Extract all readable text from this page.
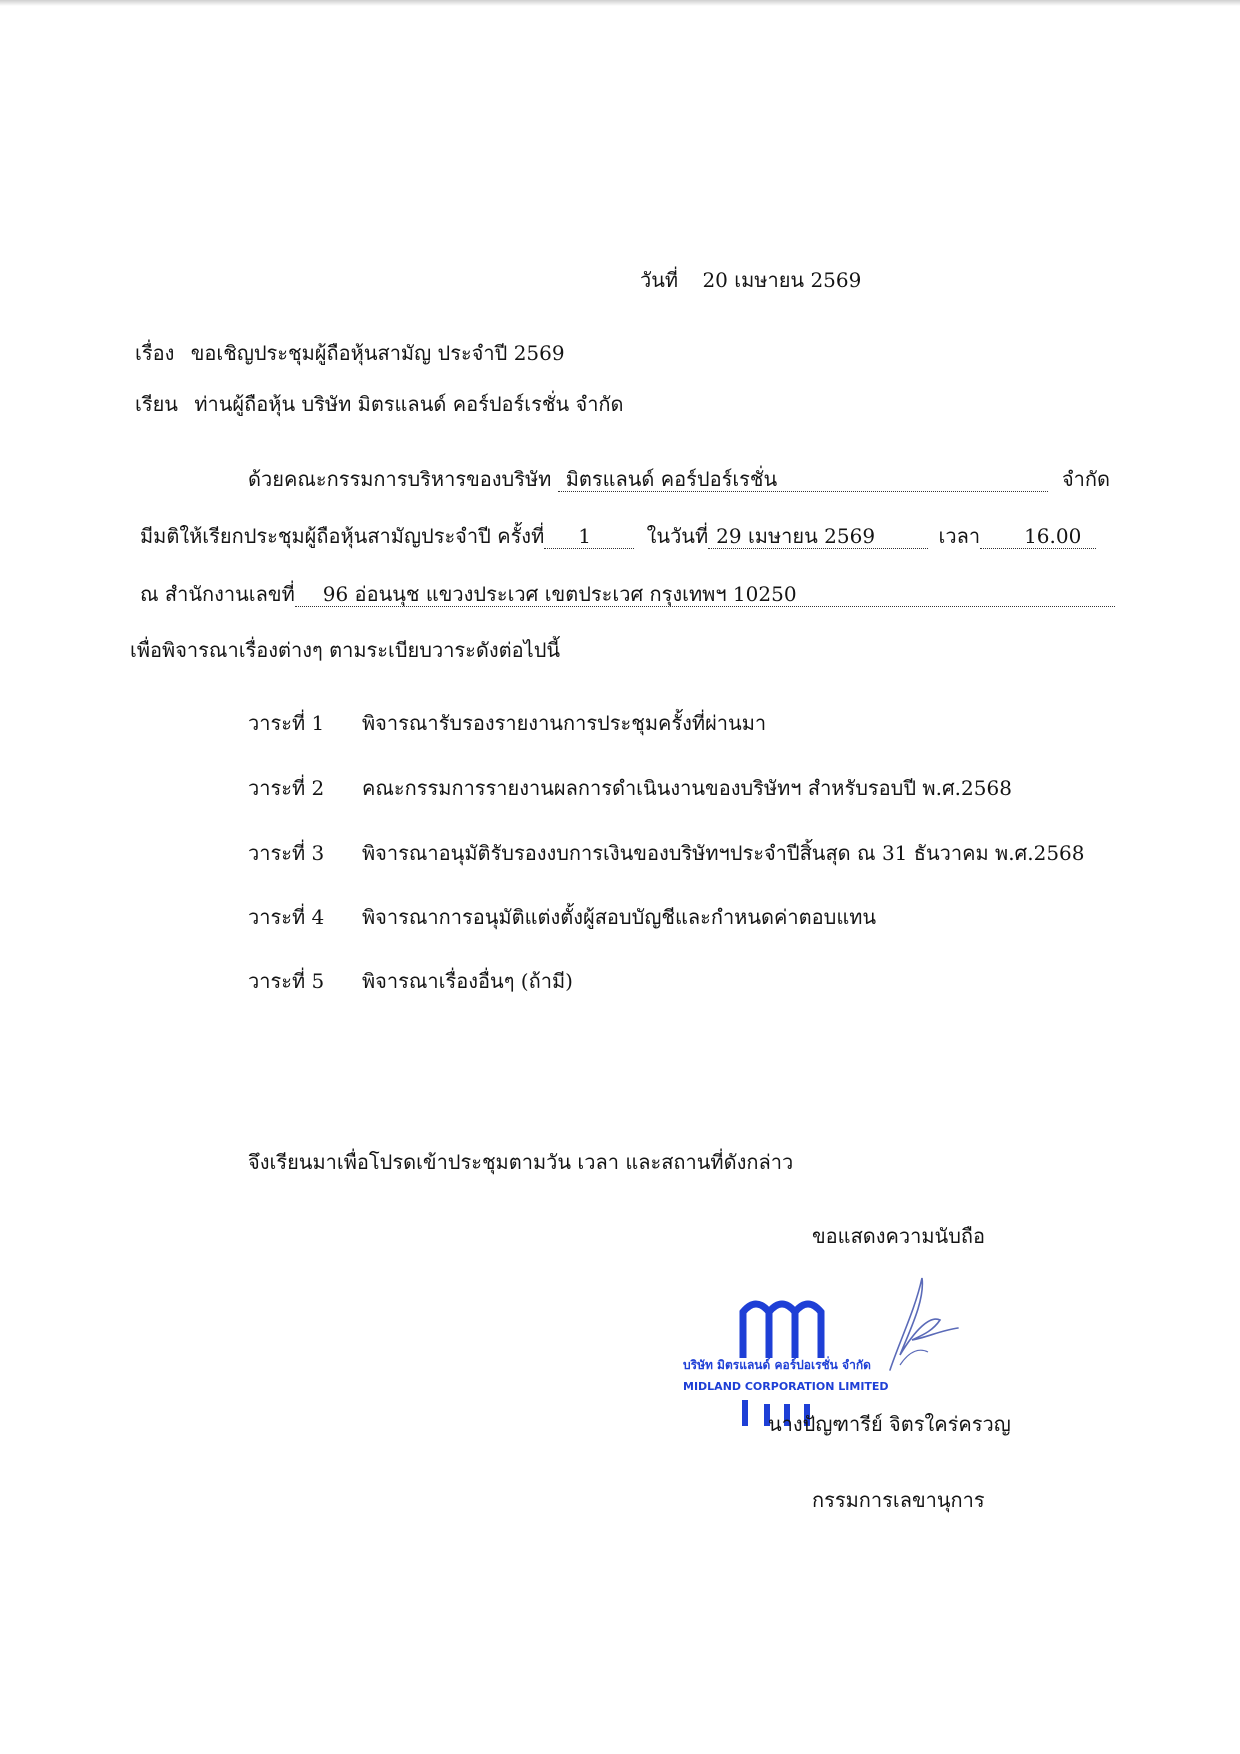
วันที่ 20 เมษายน 2569
เรื่อง ขอเชิญประชุมผู้ถือหุ้นสามัญ ประจำปี 2569
เรียน ท่านผู้ถือหุ้น บริษัท มิตรแลนด์ คอร์ปอร์เรชั่น จำกัด
ด้วยคณะกรรมการบริหารของบริษัท มิตรแลนด์ คอร์ปอร์เรชั่น	จำกัด
มีมติให้เรียกประชุมผู้ถือหุ้นสามัญประจำปี ครั้งที่ 1	ในวันที่ 29 เมษายน 2569	เวลา 16.00
ณ สำนักงานเลขที่ 96 อ่อนนุช แขวงประเวศ เขตประเวศ กรุงเทพฯ 10250
เพื่อพิจารณาเรื่องต่างๆ ตามระเบียบวาระดังต่อไปนี้
วาระที่ 1 พิจารณารับรองรายงานการประชุมครั้งที่ผ่านมา
วาระที่ 2 คณะกรรมการรายงานผลการดำเนินงานของบริษัทฯ สำหรับรอบปี พ.ศ.2568
วาระที่ 3 พิจารณาอนุมัติรับรองงบการเงินของบริษัทฯประจำปีสิ้นสุด ณ 31 ธันวาคม พ.ศ.2568
วาระที่ 4 พิจารณาการอนุมัติแต่งตั้งผู้สอบบัญชีและกำหนดค่าตอบแทน
วาระที่ 5 พิจารณาเรื่องอื่นๆ (ถ้ามี)
จึงเรียนมาเพื่อโปรดเข้าประชุมตามวัน เวลา และสถานที่ดังกล่าว
ขอแสดงความนับถือ
บริษัท มิตรแลนด์ คอร์ปอเรชั่น จำกัด
MIDLAND CORPORATION LIMITED
นางปัญฑารีย์ จิตรใคร่ครวญ
กรรมการเลขานุการ
